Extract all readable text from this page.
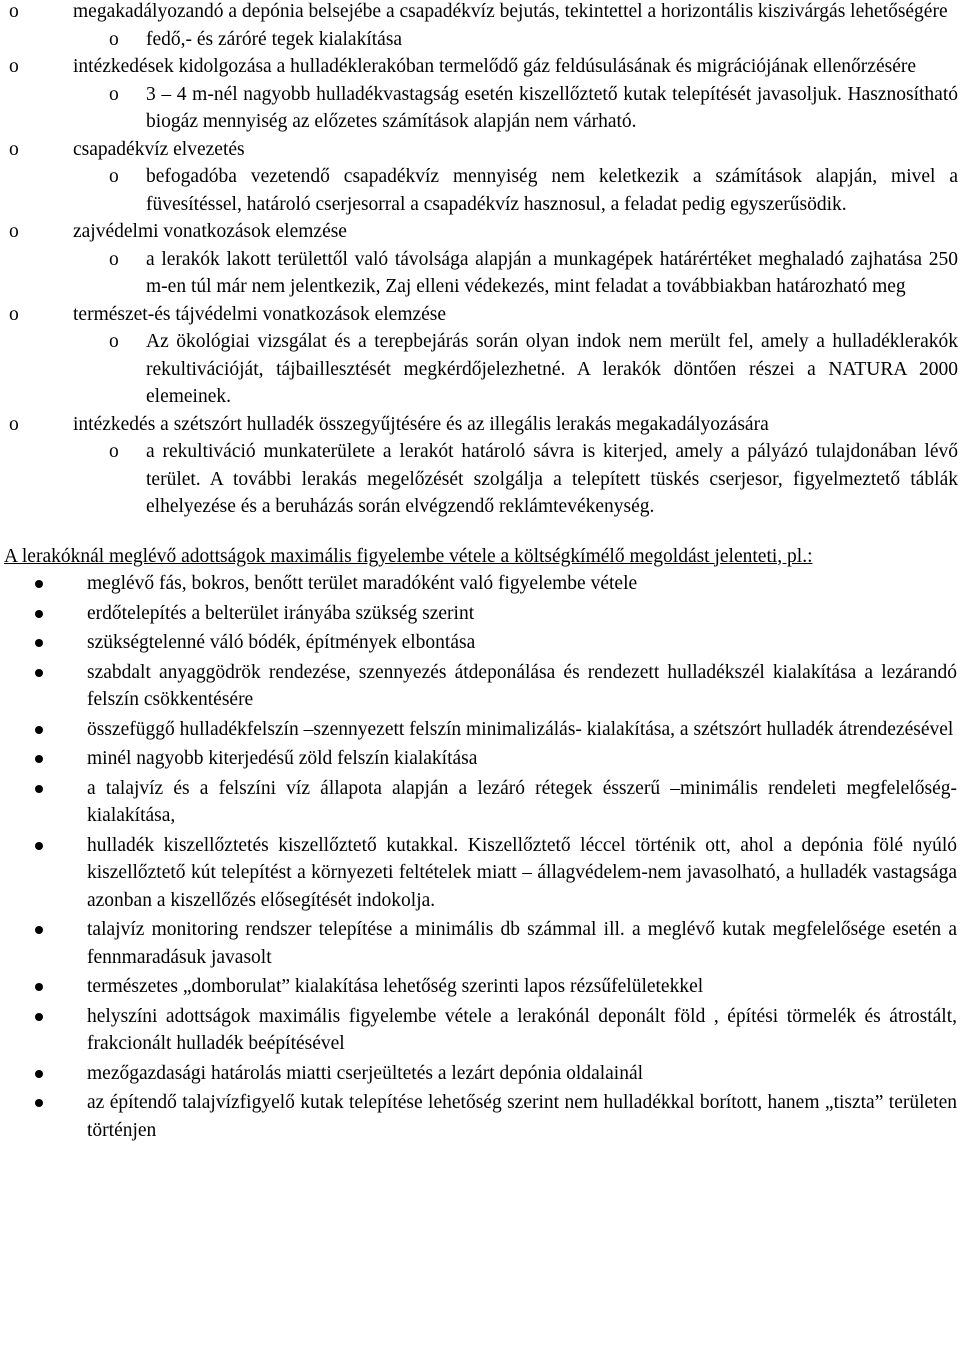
o	megakadályozandó a depónia belsejébe a csapadékvíz bejutás, tekintettel a horizontális kiszivárgás lehetőségére
o	fedő,- és záróré tegek kialakítása
o	intézkedések kidolgozása a hulladéklerakóban termelődő gáz feldúsulásának és migrációjának ellenőrzésére
o	3 – 4 m-nél nagyobb hulladékvastagság esetén kiszellőztető kutak telepítését javasoljuk. Hasznosítható biogáz mennyiség az előzetes számítások alapján nem várható.
o	csapadékvíz elvezetés
o	befogadóba vezetendő csapadékvíz mennyiség nem keletkezik a számítások alapján, mivel a füvesítéssel, határoló cserjesorral a csapadékvíz hasznosul, a feladat pedig egyszerűsödik.
o	zajvédelmi vonatkozások elemzése
o	a lerakók lakott területtől való távolsága alapján a munkagépek határértéket meghaladó zajhatása 250 m-en túl már nem jelentkezik, Zaj elleni védekezés, mint feladat a továbbiakban határozható meg
o	természet-és tájvédelmi vonatkozások elemzése
o	Az ökológiai vizsgálat és a terepbejárás során olyan indok nem merült fel, amely a hulladéklerakók rekultivációját, tájbaillesztését megkérdőjelezhetné. A lerakók döntően részei a NATURA 2000 elemeinek.
o	intézkedés a szétszórt hulladék összegyűjtésére és az illegális lerakás megakadályozására
o	a rekultiváció munkaterülete a lerakót határoló sávra is kiterjed, amely a pályázó tulajdonában lévő terület. A további lerakás megelőzését szolgálja a telepített tüskés cserjesor, figyelmeztető táblák elhelyezése és a beruházás során elvégzendő reklámtevékenység.
A lerakóknál meglévő adottságok maximális figyelembe vétele a költségkímélő megoldást jelenteti, pl.:
meglévő fás, bokros, benőtt terület maradóként való figyelembe vétele
erdőtelepítés a belterület irányába szükség szerint
szükségtelenné váló bódék, építmények elbontása
szabdalt anyaggödrök rendezése, szennyezés átdeponálása és rendezett hulladékszél kialakítása a lezárandó felszín csökkentésére
összefüggő hulladékfelszín –szennyezett felszín minimalizálás- kialakítása, a szétszórt hulladék átrendezésével
minél nagyobb kiterjedésű zöld felszín kialakítása
a talajvíz és a felszíni víz állapota alapján a lezáró rétegek ésszerű –minimális rendeleti megfelelőség- kialakítása,
hulladék kiszellőztetés kiszellőztető kutakkal. Kiszellőztető léccel történik ott, ahol a depónia fölé nyúló kiszellőztető kút telepítést a környezeti feltételek miatt – állagvédelem-nem javasolható, a hulladék vastagsága azonban a kiszellőzés elősegítését indokolja.
talajvíz monitoring rendszer telepítése a minimális db számmal ill. a meglévő kutak megfelelősége esetén a fennmaradásuk javasolt
természetes „domborulat” kialakítása lehetőség szerinti lapos rézsűfelületekkel
helyszíni adottságok maximális figyelembe vétele a lerakónál deponált föld , építési törmelék és átrostált, frakcionált hulladék beépítésével
mezőgazdasági határolás miatti cserjeültetés a lezárt depónia oldalainál
az építendő talajvízfigyelő kutak telepítése lehetőség szerint nem hulladékkal borított, hanem „tiszta” területen történjen
